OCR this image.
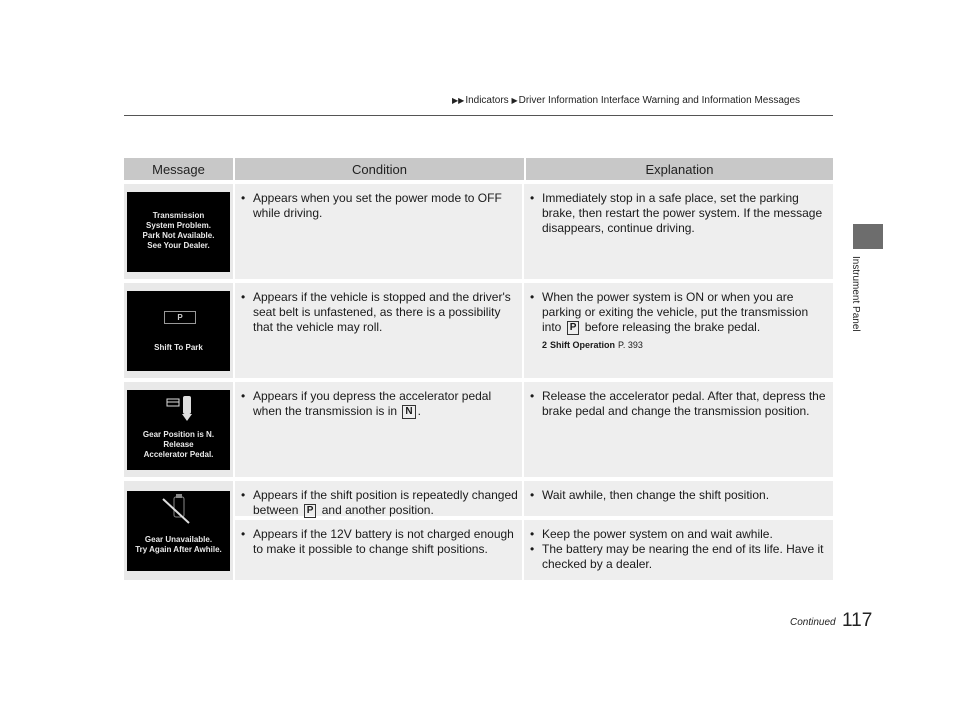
▶▶Indicators ▶Driver Information Interface Warning and Information Messages
Instrument Panel
Message	Condition	Explanation
Transmission
System Problem.
Park Not Available.
See Your Dealer.
• Appears when you set the power mode to OFF while driving.
• Immediately stop in a safe place, set the parking brake, then restart the power system. If the message disappears, continue driving.
P
Shift To Park
• Appears if the vehicle is stopped and the driver's seat belt is unfastened, as there is a possibility that the vehicle may roll.
• When the power system is ON or when you are parking or exiting the vehicle, put the transmission into P before releasing the brake pedal.
2 Shift Operation P. 393
Gear Position is N.
Release
Accelerator Pedal.
• Appears if you depress the accelerator pedal when the transmission is in N .
• Release the accelerator pedal. After that, depress the brake pedal and change the transmission position.
Gear Unavailable.
Try Again After Awhile.
• Appears if the shift position is repeatedly changed between P and another position.
• Wait awhile, then change the shift position.
• Appears if the 12V battery is not charged enough to make it possible to change shift positions.
• Keep the power system on and wait awhile.
• The battery may be nearing the end of its life. Have it checked by a dealer.
Continued 117
